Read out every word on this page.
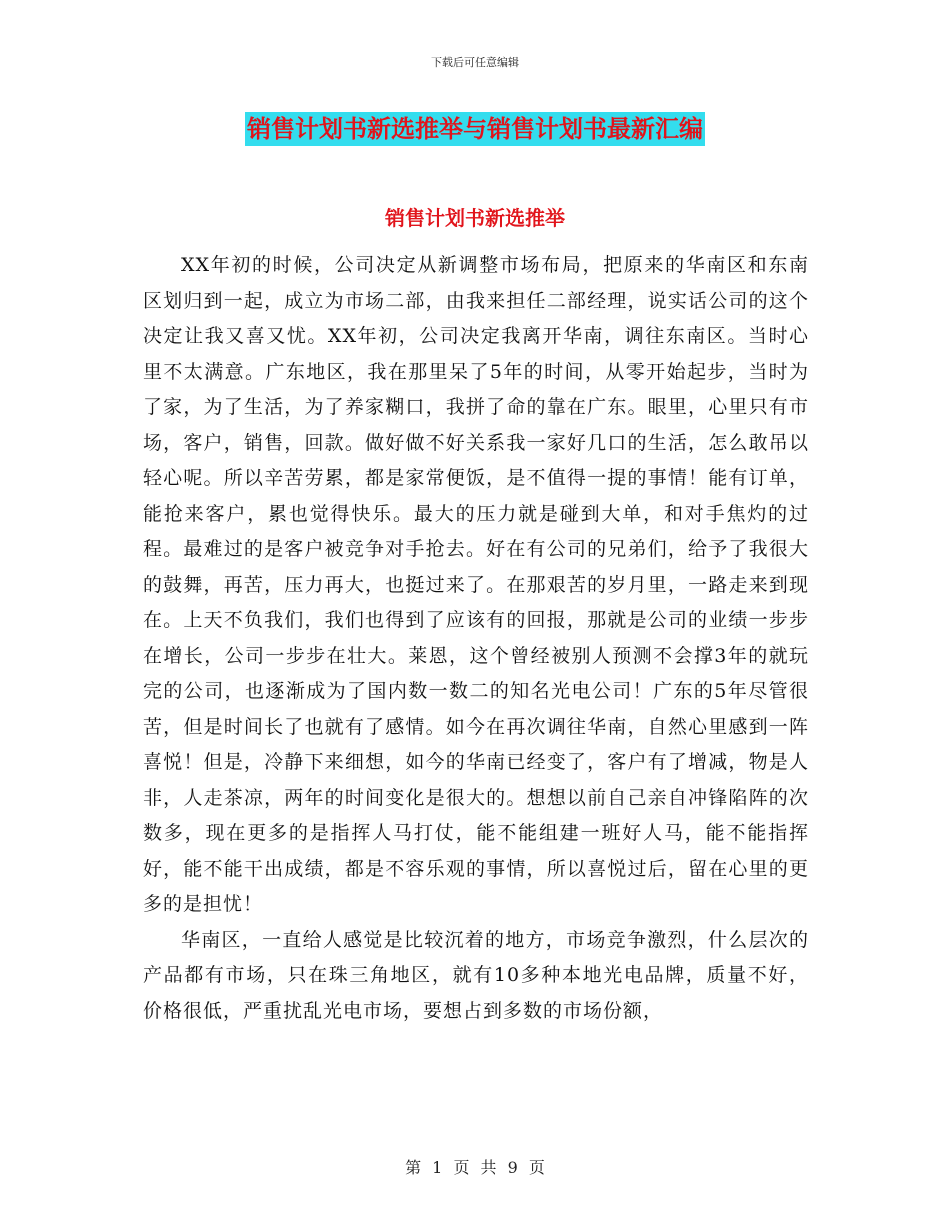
下载后可任意编辑
销售计划书新选推举与销售计划书最新汇编
销售计划书新选推举

XX年初的时候，公司决定从新调整市场布局，把原来的华南区和东南区划归到一起，成立为市场二部，由我来担任二部经理，说实话公司的这个决定让我又喜又忧。XX年初，公司决定我离开华南，调往东南区。当时心里不太满意。广东地区，我在那里呆了5年的时间，从零开始起步，当时为了家，为了生活，为了养家糊口，我拼了命的靠在广东。眼里，心里只有市场，客户，销售，回款。做好做不好关系我一家好几口的生活，怎么敢吊以轻心呢。所以辛苦劳累，都是家常便饭，是不值得一提的事情！能有订单，能抢来客户，累也觉得快乐。最大的压力就是碰到大单，和对手焦灼的过程。最难过的是客户被竞争对手抢去。好在有公司的兄弟们，给予了我很大的鼓舞，再苦，压力再大，也挺过来了。在那艰苦的岁月里，一路走来到现在。上天不负我们，我们也得到了应该有的回报，那就是公司的业绩一步步在增长，公司一步步在壮大。莱恩，这个曾经被别人预测不会撑3年的就玩完的公司，也逐渐成为了国内数一数二的知名光电公司！广东的5年尽管很苦，但是时间长了也就有了感情。如今在再次调往华南，自然心里感到一阵喜悦！但是，冷静下来细想，如今的华南已经变了，客户有了增减，物是人非，人走茶凉，两年的时间变化是很大的。想想以前自己亲自冲锋陷阵的次数多，现在更多的是指挥人马打仗，能不能组建一班好人马，能不能指挥好，能不能干出成绩，都是不容乐观的事情，所以喜悦过后，留在心里的更多的是担忧！

华南区，一直给人感觉是比较沉着的地方，市场竞争激烈，什么层次的产品都有市场，只在珠三角地区，就有10多种本地光电品牌，质量不好，价格很低，严重扰乱光电市场，要想占到多数的市场份额，

第 1 页 共 9 页
